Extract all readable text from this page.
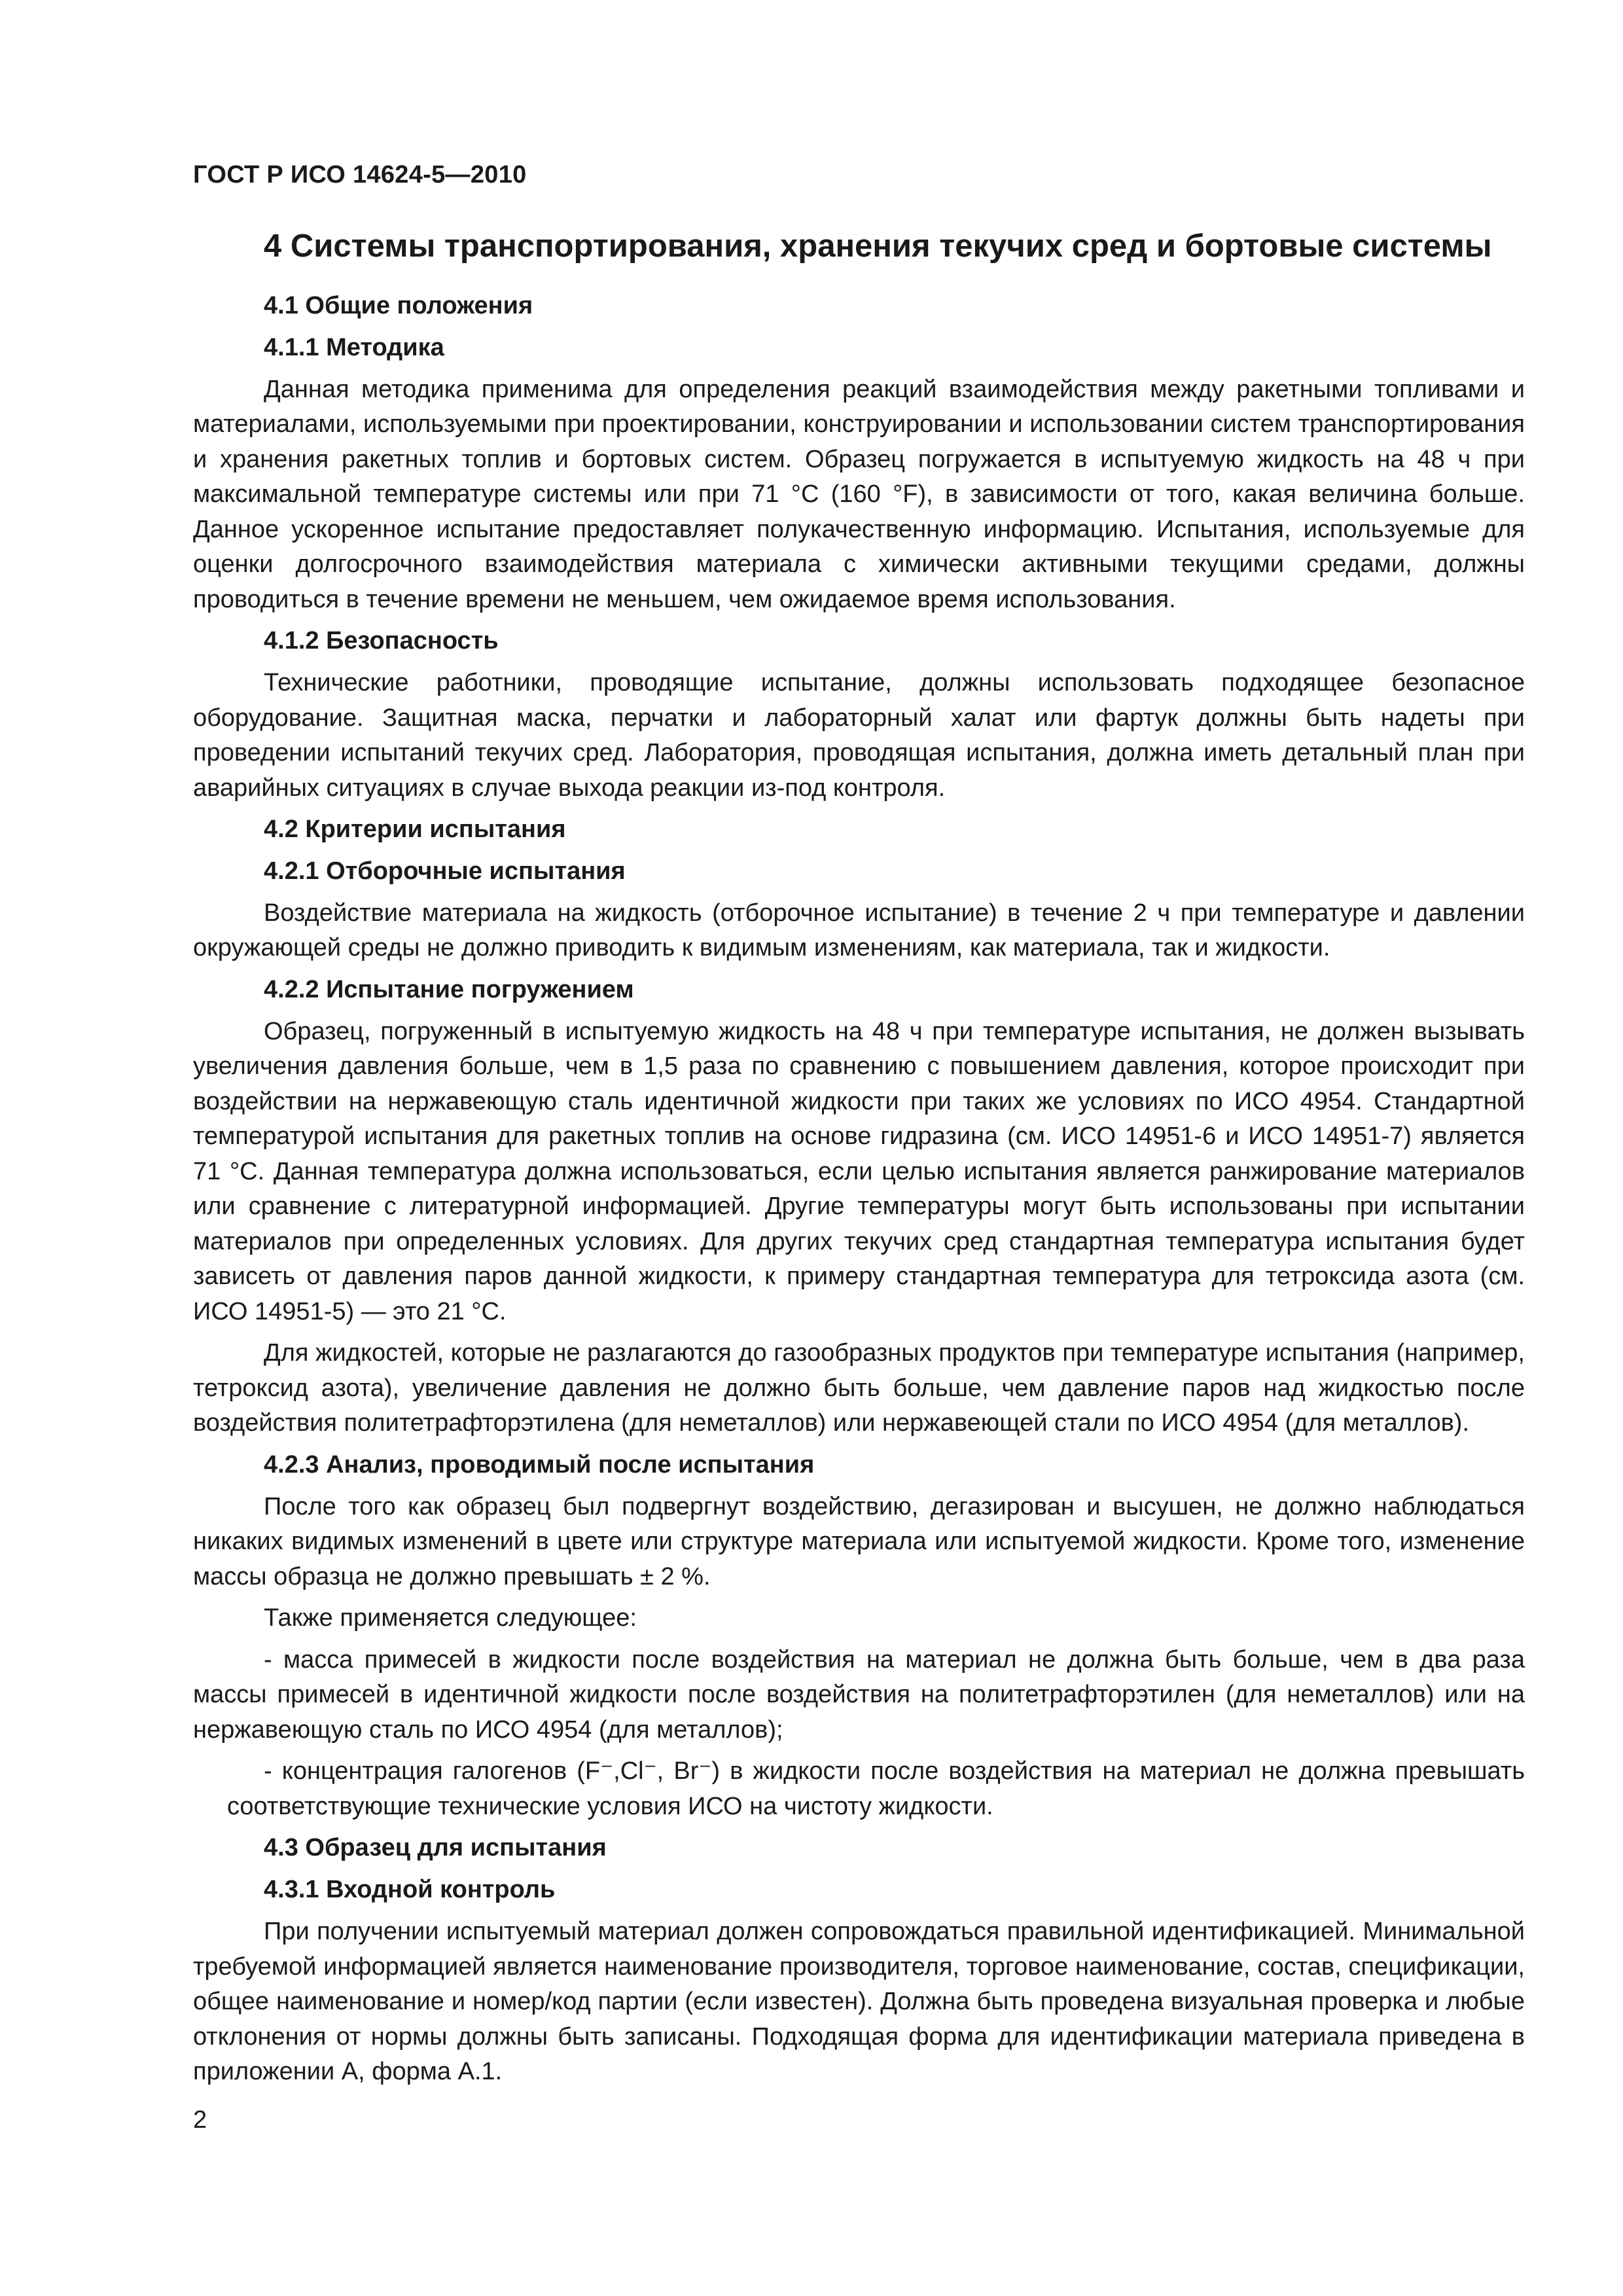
ГОСТ Р ИСО 14624-5—2010
4 Системы транспортирования, хранения текучих сред и бортовые системы
4.1 Общие положения
4.1.1 Методика

Данная методика применима для определения реакций взаимодействия между ракетными топливами и материалами, используемыми при проектировании, конструировании и использовании систем транспортирования и хранения ракетных топлив и бортовых систем. Образец погружается в испытуемую жидкость на 48 ч при максимальной температуре системы или при 71 °С (160 °F), в зависимости от того, какая величина больше. Данное ускоренное испытание предоставляет полукачественную информацию. Испытания, используемые для оценки долгосрочного взаимодействия материала с химически активными текущими средами, должны проводиться в течение времени не меньшем, чем ожидаемое время использования.

4.1.2 Безопасность

Технические работники, проводящие испытание, должны использовать подходящее безопасное оборудование. Защитная маска, перчатки и лабораторный халат или фартук должны быть надеты при проведении испытаний текучих сред. Лаборатория, проводящая испытания, должна иметь детальный план при аварийных ситуациях в случае выхода реакции из-под контроля.

4.2 Критерии испытания
4.2.1 Отборочные испытания

Воздействие материала на жидкость (отборочное испытание) в течение 2 ч при температуре и давлении окружающей среды не должно приводить к видимым изменениям, как материала, так и жидкости.

4.2.2 Испытание погружением

Образец, погруженный в испытуемую жидкость на 48 ч при температуре испытания, не должен вызывать увеличения давления больше, чем в 1,5 раза по сравнению с повышением давления, которое происходит при воздействии на нержавеющую сталь идентичной жидкости при таких же условиях по ИСО 4954. Стандартной температурой испытания для ракетных топлив на основе гидразина (см. ИСО 14951-6 и ИСО 14951-7) является 71 °С. Данная температура должна использоваться, если целью испытания является ранжирование материалов или сравнение с литературной информацией. Другие температуры могут быть использованы при испытании материалов при определенных условиях. Для других текучих сред стандартная температура испытания будет зависеть от давления паров данной жидкости, к примеру стандартная температура для тетроксида азота (см. ИСО 14951-5) — это 21 °С.

Для жидкостей, которые не разлагаются до газообразных продуктов при температуре испытания (например, тетроксид азота), увеличение давления не должно быть больше, чем давление паров над жидкостью после воздействия политетрафторэтилена (для неметаллов) или нержавеющей стали по ИСО 4954 (для металлов).

4.2.3 Анализ, проводимый после испытания

После того как образец был подвергнут воздействию, дегазирован и высушен, не должно наблюдаться никаких видимых изменений в цвете или структуре материала или испытуемой жидкости. Кроме того, изменение массы образца не должно превышать ± 2 %.

Также применяется следующее:

- масса примесей в жидкости после воздействия на материал не должна быть больше, чем в два раза массы примесей в идентичной жидкости после воздействия на политетрафторэтилен (для неметаллов) или на нержавеющую сталь по ИСО 4954 (для металлов);

- концентрация галогенов (F⁻,Cl⁻, Br⁻) в жидкости после воздействия на материал не должна превышать соответствующие технические условия ИСО на чистоту жидкости.

4.3 Образец для испытания
4.3.1 Входной контроль

При получении испытуемый материал должен сопровождаться правильной идентификацией. Минимальной требуемой информацией является наименование производителя, торговое наименование, состав, спецификации, общее наименование и номер/код партии (если известен). Должна быть проведена визуальная проверка и любые отклонения от нормы должны быть записаны. Подходящая форма для идентификации материала приведена в приложении А, форма А.1.

2
